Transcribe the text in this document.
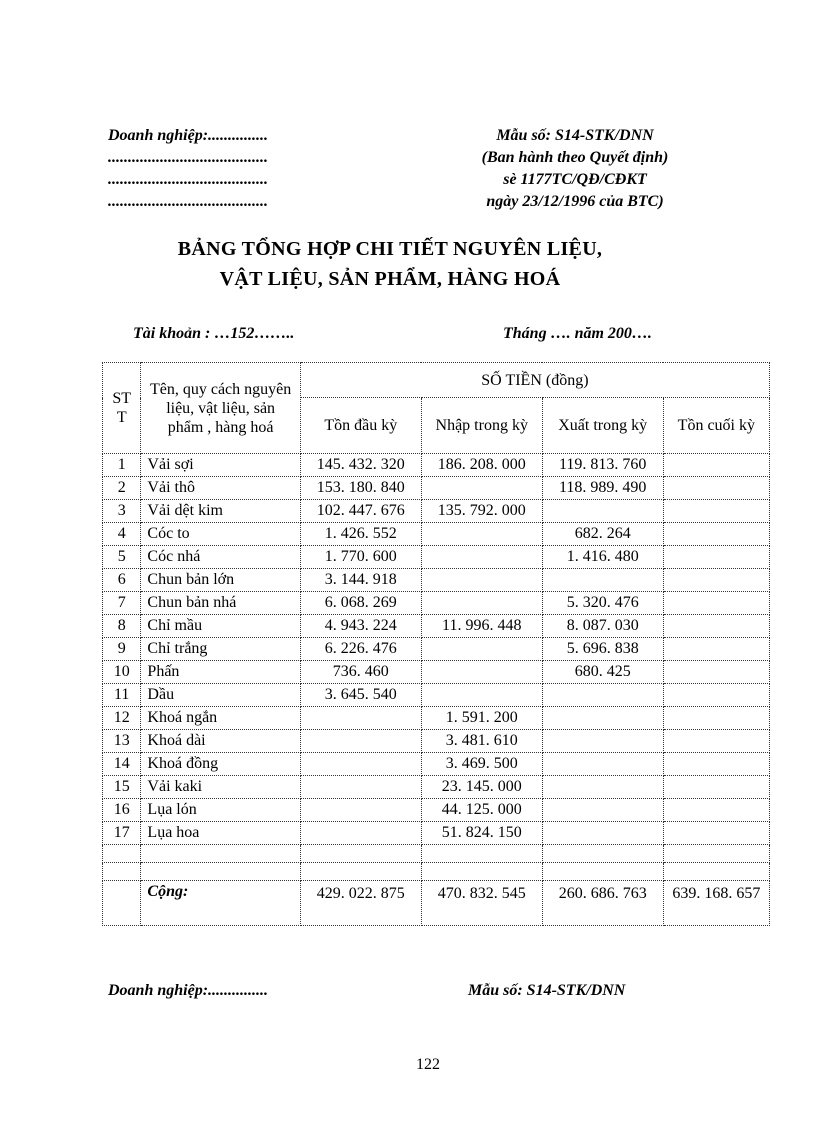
Doanh nghiệp:...............
........................................
........................................
........................................
Mẫu số: S14-STK/DNN
(Ban hành theo Quyết định)
sè 1177TC/QĐ/CĐKT
ngày 23/12/1996 của BTC)
BẢNG TỔNG HỢP CHI TIẾT NGUYÊN LIỆU,
VẬT LIỆU, SẢN PHẨM, HÀNG HOÁ
Tài khoản : …152……..	Tháng …. năm 200….
ST T	Tên, quy cách nguyên liệu, vật liệu, sản phẩm , hàng hoá	SỐ TIỀN (đồng)			
		Tồn đầu kỳ	Nhập trong kỳ	Xuất trong kỳ	Tồn cuối kỳ
1	Vải sợi	145. 432. 320	186. 208. 000	119. 813. 760	
2	Vải thô	153. 180. 840		118. 989. 490	
3	Vải dệt kim	102. 447. 676	135. 792. 000		
4	Cóc to	1. 426. 552		682. 264	
5	Cóc nhá	1. 770. 600		1. 416. 480	
6	Chun bản lớn	3. 144. 918			
7	Chun bản nhá	6. 068. 269		5. 320. 476	
8	Chỉ mầu	4. 943. 224	11. 996. 448	8. 087. 030	
9	Chỉ trắng	6. 226. 476		5. 696. 838	
10	Phấn	736. 460		680. 425	
11	Dầu	3. 645. 540			
12	Khoá ngắn		1. 591. 200		
13	Khoá dài		3. 481. 610		
14	Khoá đồng		3. 469. 500		
15	Vải kaki		23. 145. 000		
16	Lụa lón		44. 125. 000		
17	Lụa hoa		51. 824. 150		

	Cộng:	429. 022. 875	470. 832. 545	260. 686. 763	639. 168. 657
Doanh nghiệp:...............	Mẫu số: S14-STK/DNN
122
